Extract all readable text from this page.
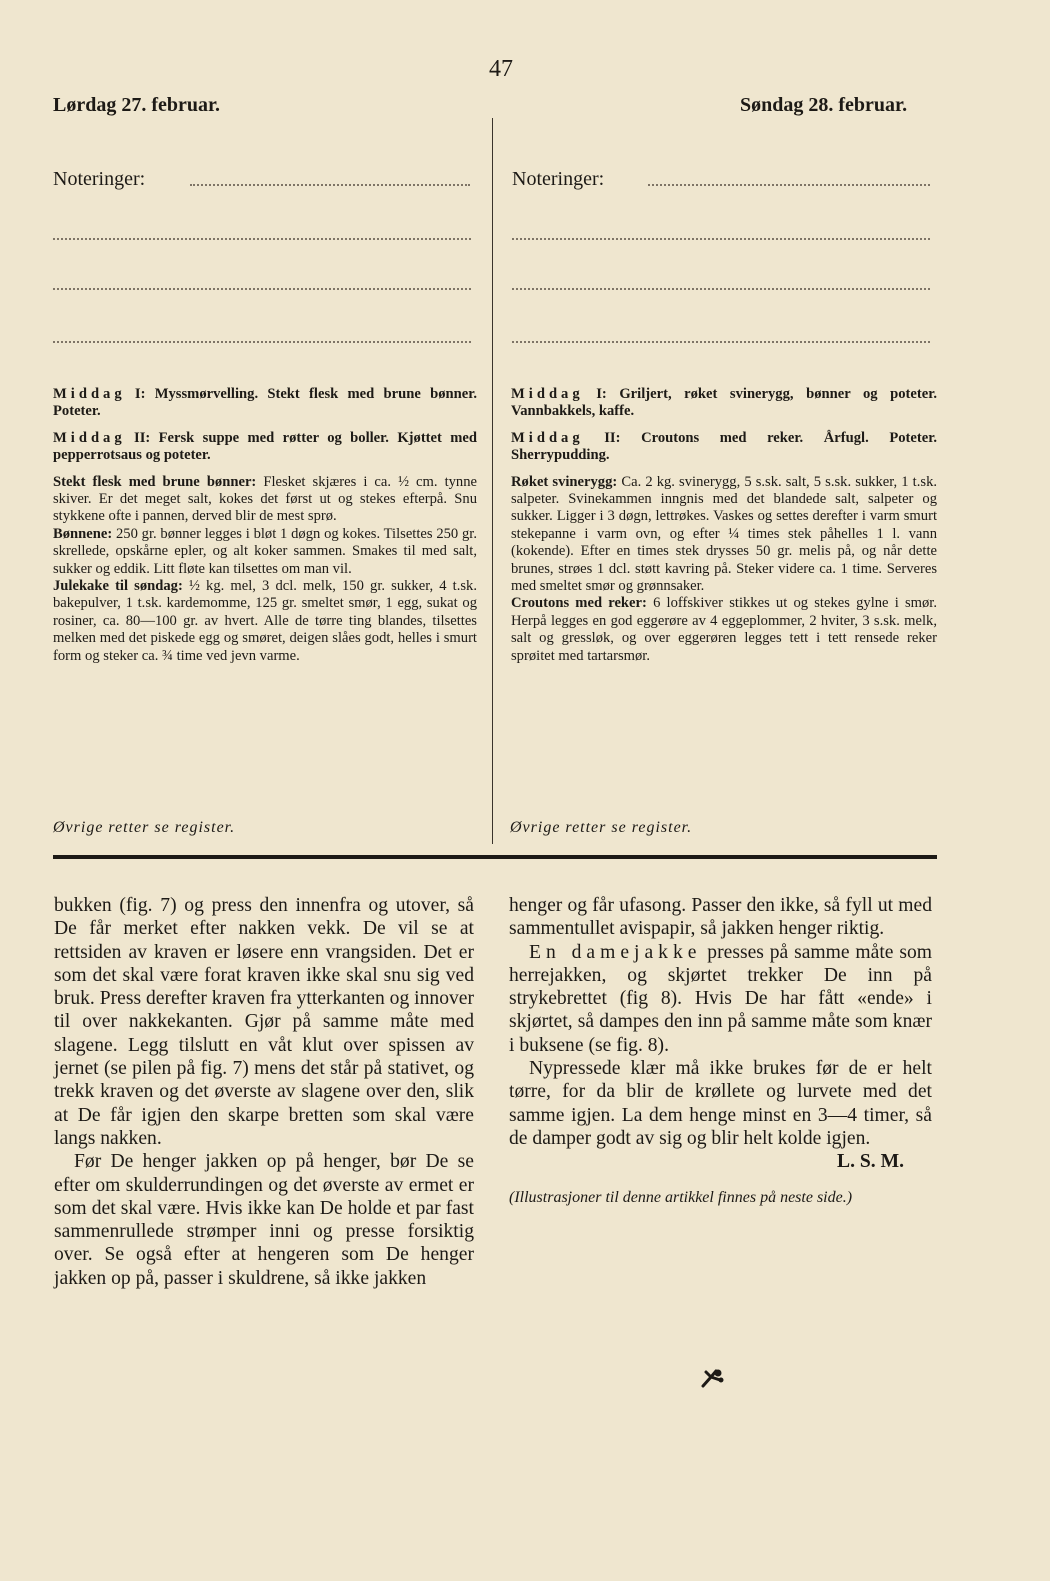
47
Lørdag 27. februar.	Søndag 28. februar.
Noteringer:	Noteringer:

Middag I: Myssmørvelling. Stekt flesk med brune bønner. Poteter.

Middag II: Fersk suppe med røtter og boller. Kjøttet med pepperrotsaus og poteter.

Stekt flesk med brune bønner: Flesket skjæres i ca. ½ cm. tynne skiver. Er det meget salt, kokes det først ut og stekes efterpå. Snu stykkene ofte i pannen, derved blir de mest sprø.

Bønnene: 250 gr. bønner legges i bløt 1 døgn og kokes. Tilsettes 250 gr. skrellede, opskårne epler, og alt koker sammen. Smakes til med salt, sukker og eddik. Litt fløte kan tilsettes om man vil.

Julekake til søndag: ½ kg. mel, 3 dcl. melk, 150 gr. sukker, 4 t.sk. bakepulver, 1 t.sk. kardemomme, 125 gr. smeltet smør, 1 egg, sukat og rosiner, ca. 80—100 gr. av hvert. Alle de tørre ting blandes, tilsettes melken med det piskede egg og smøret, deigen slåes godt, helles i smurt form og steker ca. ¾ time ved jevn varme.

Middag I: Griljert, røket svinerygg, bønner og poteter. Vannbakkels, kaffe.

Middag II: Croutons med reker. Årfugl. Poteter. Sherrypudding.

Røket svinerygg: Ca. 2 kg. svinerygg, 5 s.sk. salt, 5 s.sk. sukker, 1 t.sk. salpeter. Svinekammen inngnis med det blandede salt, salpeter og sukker. Ligger i 3 døgn, lettrøkes. Vaskes og settes derefter i varm smurt stekepanne i varm ovn, og efter ¼ times stek påhelles 1 l. vann (kokende). Efter en times stek drysses 50 gr. melis på, og når dette brunes, strøes 1 dcl. støtt kavring på. Steker videre ca. 1 time. Serveres med smeltet smør og grønnsaker.

Croutons med reker: 6 loffskiver stikkes ut og stekes gylne i smør. Herpå legges en god eggerøre av 4 eggeplommer, 2 hviter, 3 s.sk. melk, salt og gressløk, og over eggerøren legges tett i tett rensede reker sprøitet med tartarsmør.

Øvrige retter se register.	Øvrige retter se register.

bukken (fig. 7) og press den innenfra og utover, så De får merket efter nakken vekk. De vil se at rettsiden av kraven er løsere enn vrangsiden. Det er som det skal være forat kraven ikke skal snu sig ved bruk. Press derefter kraven fra ytterkanten og innover til over nakkekanten. Gjør på samme måte med slagene. Legg tilslutt en våt klut over spissen av jernet (se pilen på fig. 7) mens det står på stativet, og trekk kraven og det øverste av slagene over den, slik at De får igjen den skarpe bretten som skal være langs nakken.

Før De henger jakken op på henger, bør De se efter om skulderrundingen og det øverste av ermet er som det skal være. Hvis ikke kan De holde et par fast sammenrullede strømper inni og presse forsiktig over. Se også efter at hengeren som De henger jakken op på, passer i skuldrene, så ikke jakken

henger og får ufasong. Passer den ikke, så fyll ut med sammentullet avispapir, så jakken henger riktig.

En damejakke presses på samme måte som herrejakken, og skjørtet trekker De inn på strykebrettet (fig 8). Hvis De har fått «ende» i skjørtet, så dampes den inn på samme måte som knær i buksene (se fig. 8).

Nypressede klær må ikke brukes før de er helt tørre, for da blir de krøllete og lurvete med det samme igjen. La dem henge minst en 3—4 timer, så de damper godt av sig og blir helt kolde igjen.

L. S. M.

(Illustrasjoner til denne artikkel finnes på neste side.)
